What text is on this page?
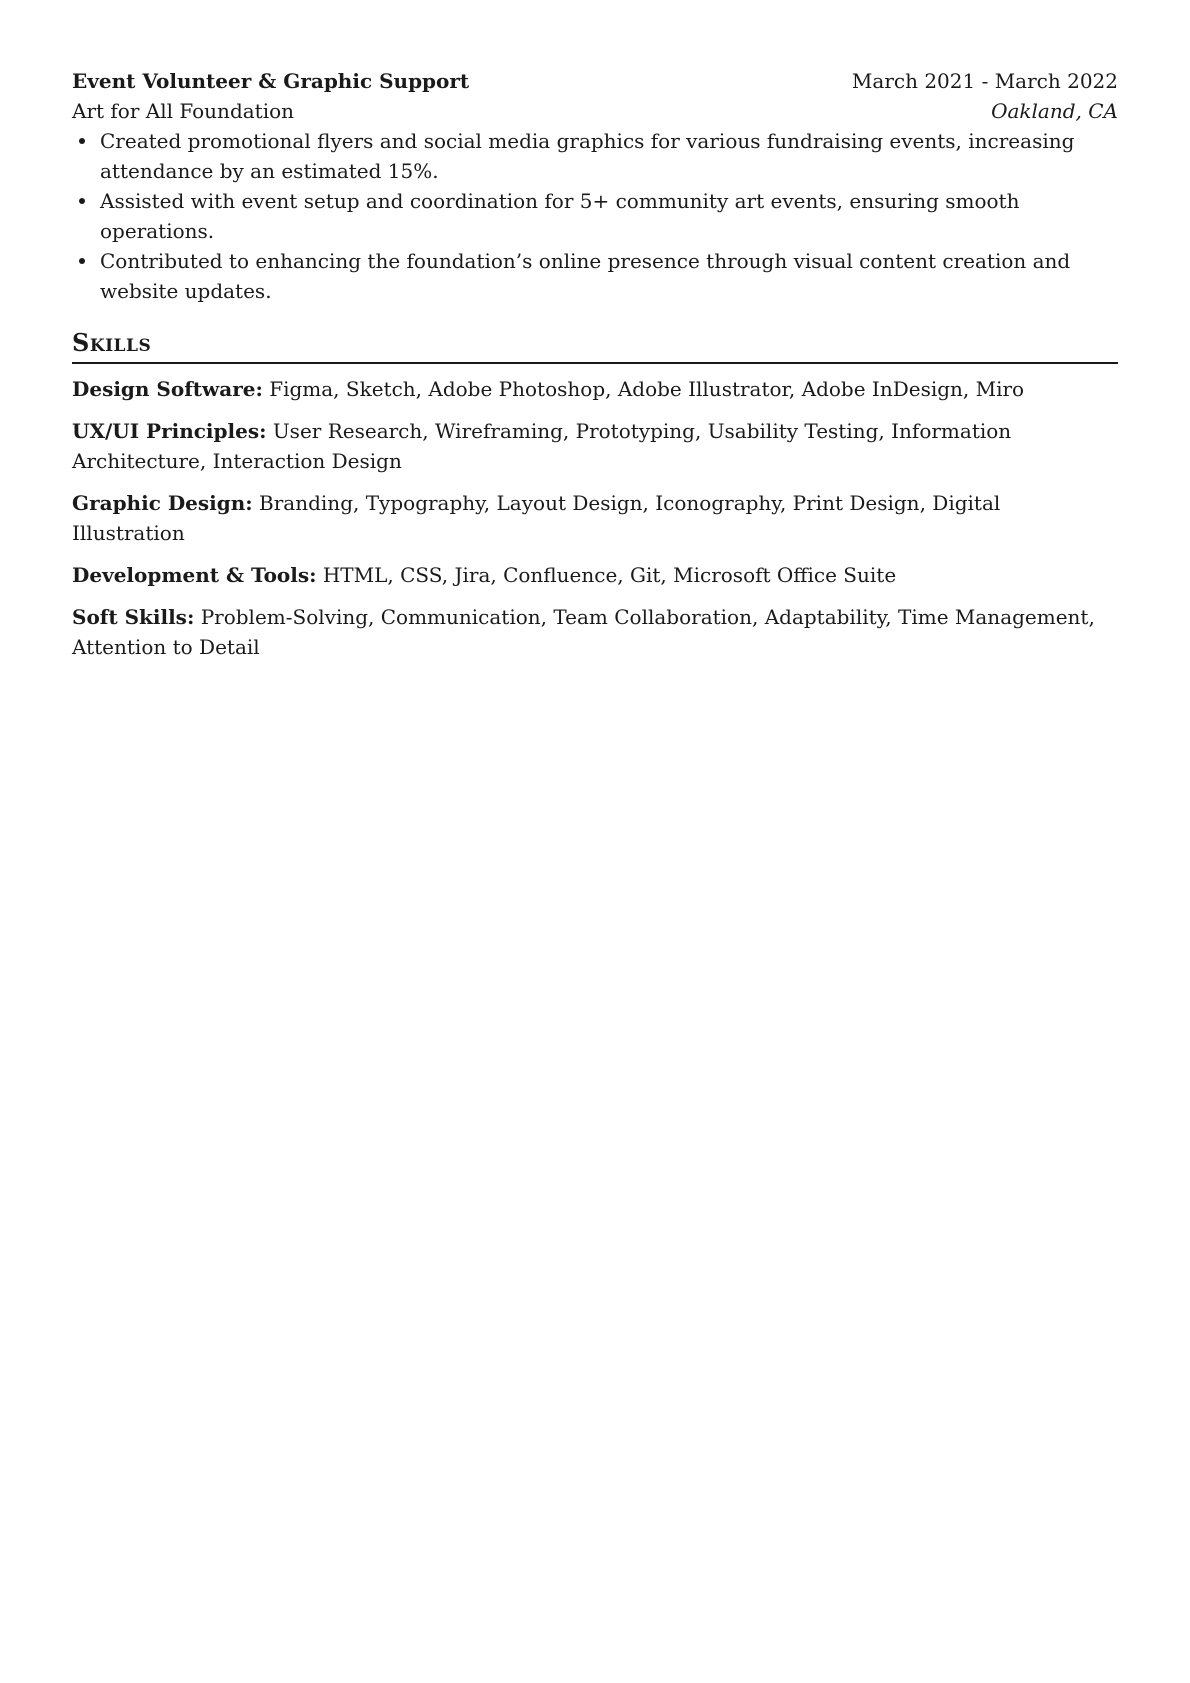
Event Volunteer & Graphic Support	March 2021 - March 2022
Art for All Foundation	Oakland, CA
Created promotional flyers and social media graphics for various fundraising events, increasing attendance by an estimated 15%.
Assisted with event setup and coordination for 5+ community art events, ensuring smooth operations.
Contributed to enhancing the foundation’s online presence through visual content creation and website updates.
Skills
Design Software: Figma, Sketch, Adobe Photoshop, Adobe Illustrator, Adobe InDesign, Miro
UX/UI Principles: User Research, Wireframing, Prototyping, Usability Testing, Information Architecture, Interaction Design
Graphic Design: Branding, Typography, Layout Design, Iconography, Print Design, Digital Illustration
Development & Tools: HTML, CSS, Jira, Confluence, Git, Microsoft Office Suite
Soft Skills: Problem-Solving, Communication, Team Collaboration, Adaptability, Time Management, Attention to Detail
